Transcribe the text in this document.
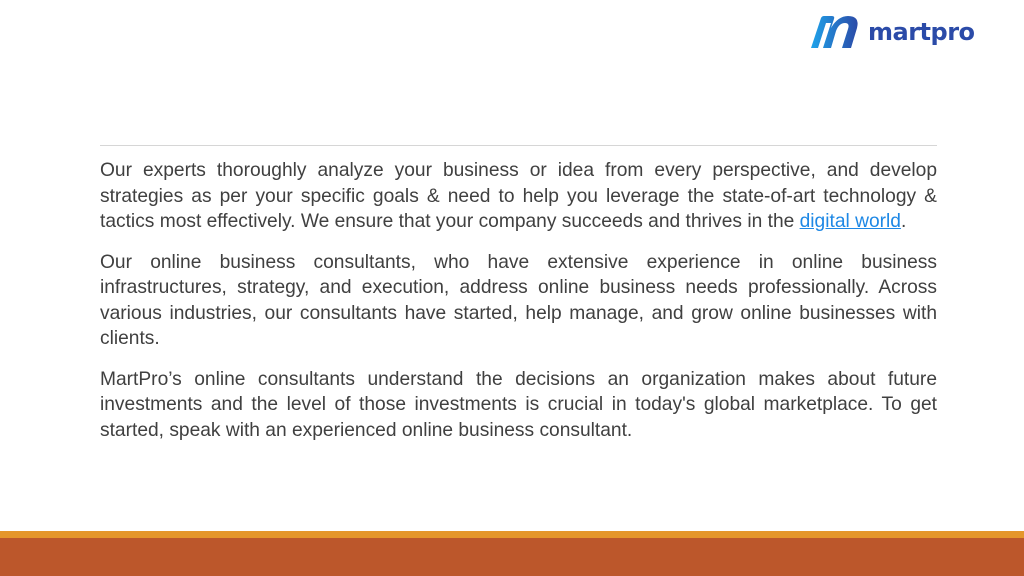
martpro

Our experts thoroughly analyze your business or idea from every perspective, and develop strategies as per your specific goals & need to help you leverage the state-of-art technology & tactics most effectively. We ensure that your company succeeds and thrives in the digital world.

Our online business consultants, who have extensive experience in online business infrastructures, strategy, and execution, address online business needs professionally. Across various industries, our consultants have started, help manage, and grow online businesses with clients.

MartPro’s online consultants understand the decisions an organization makes about future investments and the level of those investments is crucial in today's global marketplace. To get started, speak with an experienced online business consultant.
